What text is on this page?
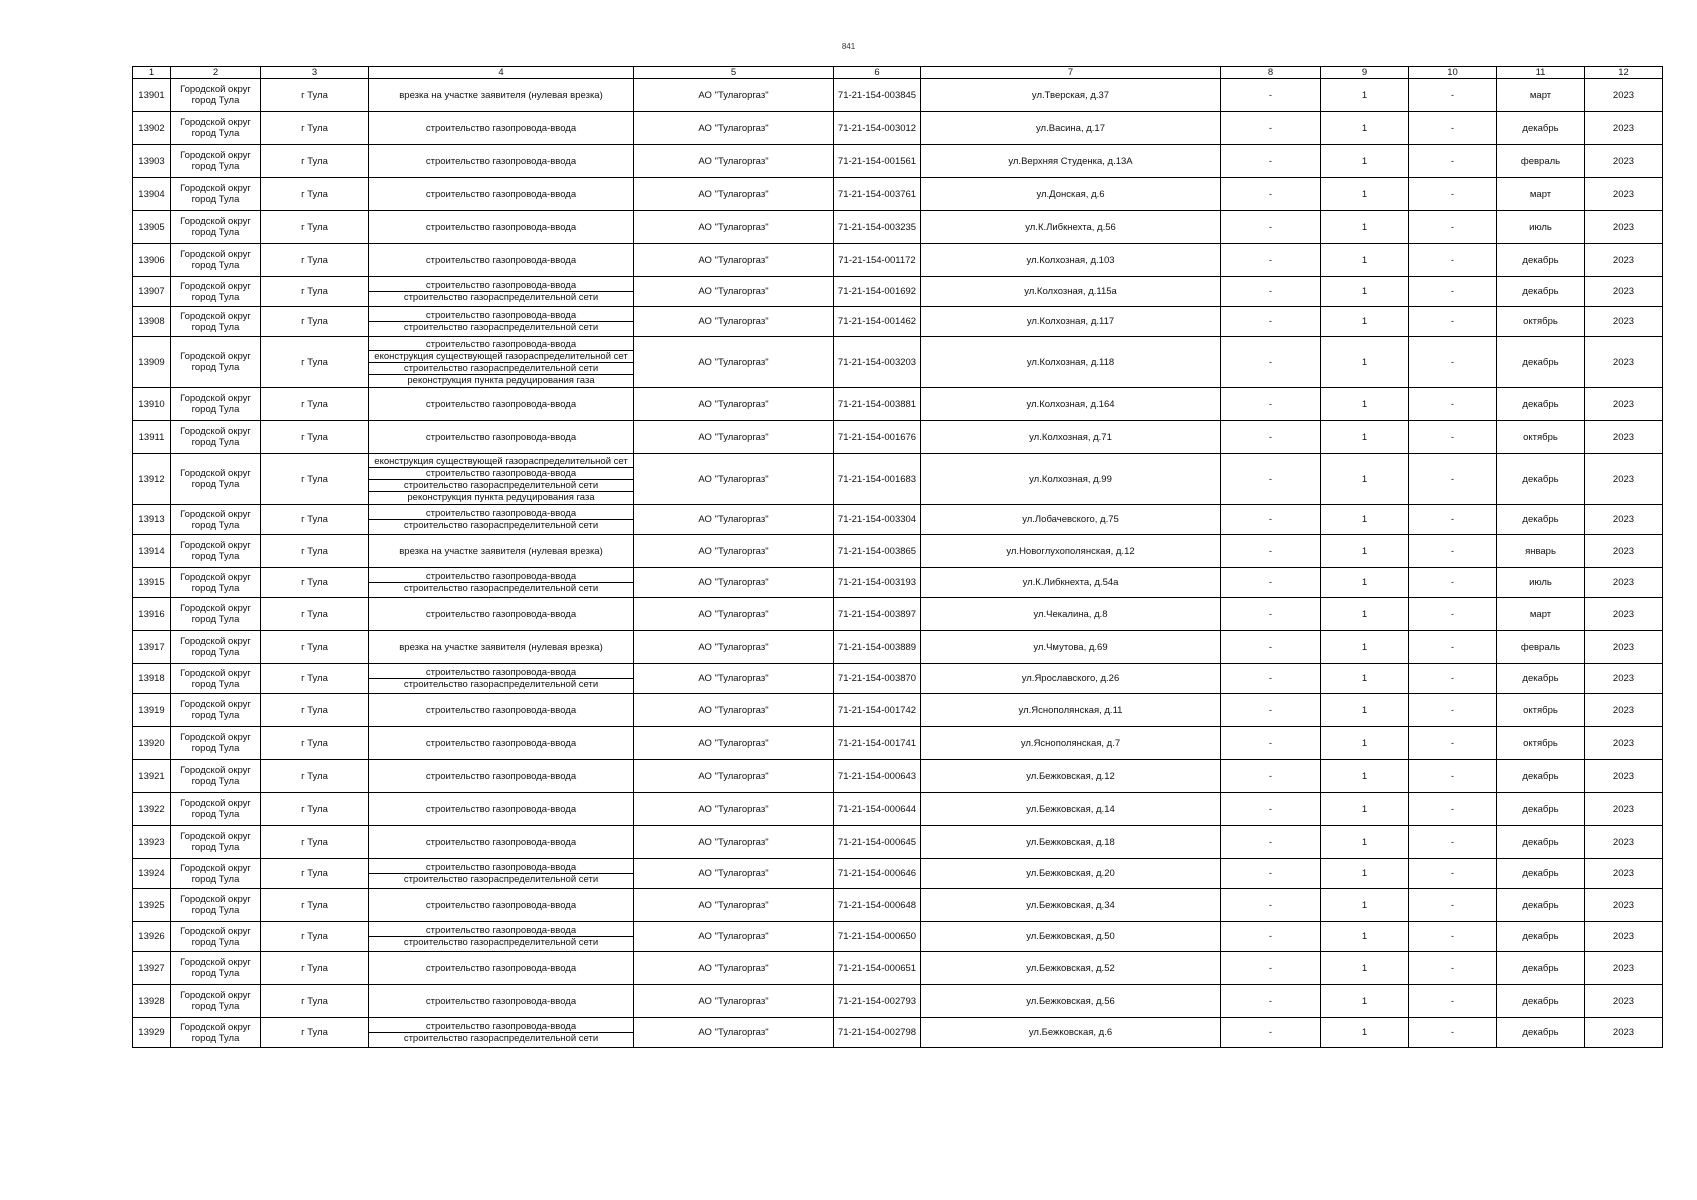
841
1	2	3	4	5	6	7	8	9	10	11	12
13901	Городской округ город Тула	г Тула	врезка на участке заявителя (нулевая врезка)	АО "Тулагоргаз"	71-21-154-003845	ул.Тверская, д.37	-	1	-	март	2023
13902	Городской округ город Тула	г Тула	строительство газопровода-ввода	АО "Тулагоргаз"	71-21-154-003012	ул.Васина, д.17	-	1	-	декабрь	2023
13903	Городской округ город Тула	г Тула	строительство газопровода-ввода	АО "Тулагоргаз"	71-21-154-001561	ул.Верхняя Студенка, д.13А	-	1	-	февраль	2023
13904	Городской округ город Тула	г Тула	строительство газопровода-ввода	АО "Тулагоргаз"	71-21-154-003761	ул.Донская, д.6	-	1	-	март	2023
13905	Городской округ город Тула	г Тула	строительство газопровода-ввода	АО "Тулагоргаз"	71-21-154-003235	ул.К.Либкнехта, д.56	-	1	-	июль	2023
13906	Городской округ город Тула	г Тула	строительство газопровода-ввода	АО "Тулагоргаз"	71-21-154-001172	ул.Колхозная, д.103	-	1	-	декабрь	2023
13907	Городской округ город Тула	г Тула	строительство газопровода-ввода
строительство газораспределительной сети	АО "Тулагоргаз"	71-21-154-001692	ул.Колхозная, д.115а	-	1	-	декабрь	2023
13908	Городской округ город Тула	г Тула	строительство газопровода-ввода
строительство газораспределительной сети	АО "Тулагоргаз"	71-21-154-001462	ул.Колхозная, д.117	-	1	-	октябрь	2023
13909	Городской округ город Тула	г Тула	строительство газопровода-ввода
еконструкция существующей газораспределительной сет
строительство газораспределительной сети
реконструкция пункта редуцирования газа	АО "Тулагоргаз"	71-21-154-003203	ул.Колхозная, д.118	-	1	-	декабрь	2023
13910	Городской округ город Тула	г Тула	строительство газопровода-ввода	АО "Тулагоргаз"	71-21-154-003881	ул.Колхозная, д.164	-	1	-	декабрь	2023
13911	Городской округ город Тула	г Тула	строительство газопровода-ввода	АО "Тулагоргаз"	71-21-154-001676	ул.Колхозная, д.71	-	1	-	октябрь	2023
13912	Городской округ город Тула	г Тула	еконструкция существующей газораспределительной сет
строительство газопровода-ввода
строительство газораспределительной сети
реконструкция пункта редуцирования газа	АО "Тулагоргаз"	71-21-154-001683	ул.Колхозная, д.99	-	1	-	декабрь	2023
13913	Городской округ город Тула	г Тула	строительство газопровода-ввода
строительство газораспределительной сети	АО "Тулагоргаз"	71-21-154-003304	ул.Лобачевского, д.75	-	1	-	декабрь	2023
13914	Городской округ город Тула	г Тула	врезка на участке заявителя (нулевая врезка)	АО "Тулагоргаз"	71-21-154-003865	ул.Новоглухополянская, д.12	-	1	-	январь	2023
13915	Городской округ город Тула	г Тула	строительство газопровода-ввода
строительство газораспределительной сети	АО "Тулагоргаз"	71-21-154-003193	ул.К.Либкнехта, д.54а	-	1	-	июль	2023
13916	Городской округ город Тула	г Тула	строительство газопровода-ввода	АО "Тулагоргаз"	71-21-154-003897	ул.Чекалина, д.8	-	1	-	март	2023
13917	Городской округ город Тула	г Тула	врезка на участке заявителя (нулевая врезка)	АО "Тулагоргаз"	71-21-154-003889	ул.Чмутова, д.69	-	1	-	февраль	2023
13918	Городской округ город Тула	г Тула	строительство газопровода-ввода
строительство газораспределительной сети	АО "Тулагоргаз"	71-21-154-003870	ул.Ярославского, д.26	-	1	-	декабрь	2023
13919	Городской округ город Тула	г Тула	строительство газопровода-ввода	АО "Тулагоргаз"	71-21-154-001742	ул.Яснополянская, д.11	-	1	-	октябрь	2023
13920	Городской округ город Тула	г Тула	строительство газопровода-ввода	АО "Тулагоргаз"	71-21-154-001741	ул.Яснополянская, д.7	-	1	-	октябрь	2023
13921	Городской округ город Тула	г Тула	строительство газопровода-ввода	АО "Тулагоргаз"	71-21-154-000643	ул.Бежковская, д.12	-	1	-	декабрь	2023
13922	Городской округ город Тула	г Тула	строительство газопровода-ввода	АО "Тулагоргаз"	71-21-154-000644	ул.Бежковская, д.14	-	1	-	декабрь	2023
13923	Городской округ город Тула	г Тула	строительство газопровода-ввода	АО "Тулагоргаз"	71-21-154-000645	ул.Бежковская, д.18	-	1	-	декабрь	2023
13924	Городской округ город Тула	г Тула	строительство газопровода-ввода
строительство газораспределительной сети	АО "Тулагоргаз"	71-21-154-000646	ул.Бежковская, д.20	-	1	-	декабрь	2023
13925	Городской округ город Тула	г Тула	строительство газопровода-ввода	АО "Тулагоргаз"	71-21-154-000648	ул.Бежковская, д.34	-	1	-	декабрь	2023
13926	Городской округ город Тула	г Тула	строительство газопровода-ввода
строительство газораспределительной сети	АО "Тулагоргаз"	71-21-154-000650	ул.Бежковская, д.50	-	1	-	декабрь	2023
13927	Городской округ город Тула	г Тула	строительство газопровода-ввода	АО "Тулагоргаз"	71-21-154-000651	ул.Бежковская, д.52	-	1	-	декабрь	2023
13928	Городской округ город Тула	г Тула	строительство газопровода-ввода	АО "Тулагоргаз"	71-21-154-002793	ул.Бежковская, д.56	-	1	-	декабрь	2023
13929	Городской округ город Тула	г Тула	строительство газопровода-ввода
строительство газораспределительной сети	АО "Тулагоргаз"	71-21-154-002798	ул.Бежковская, д.6	-	1	-	декабрь	2023
